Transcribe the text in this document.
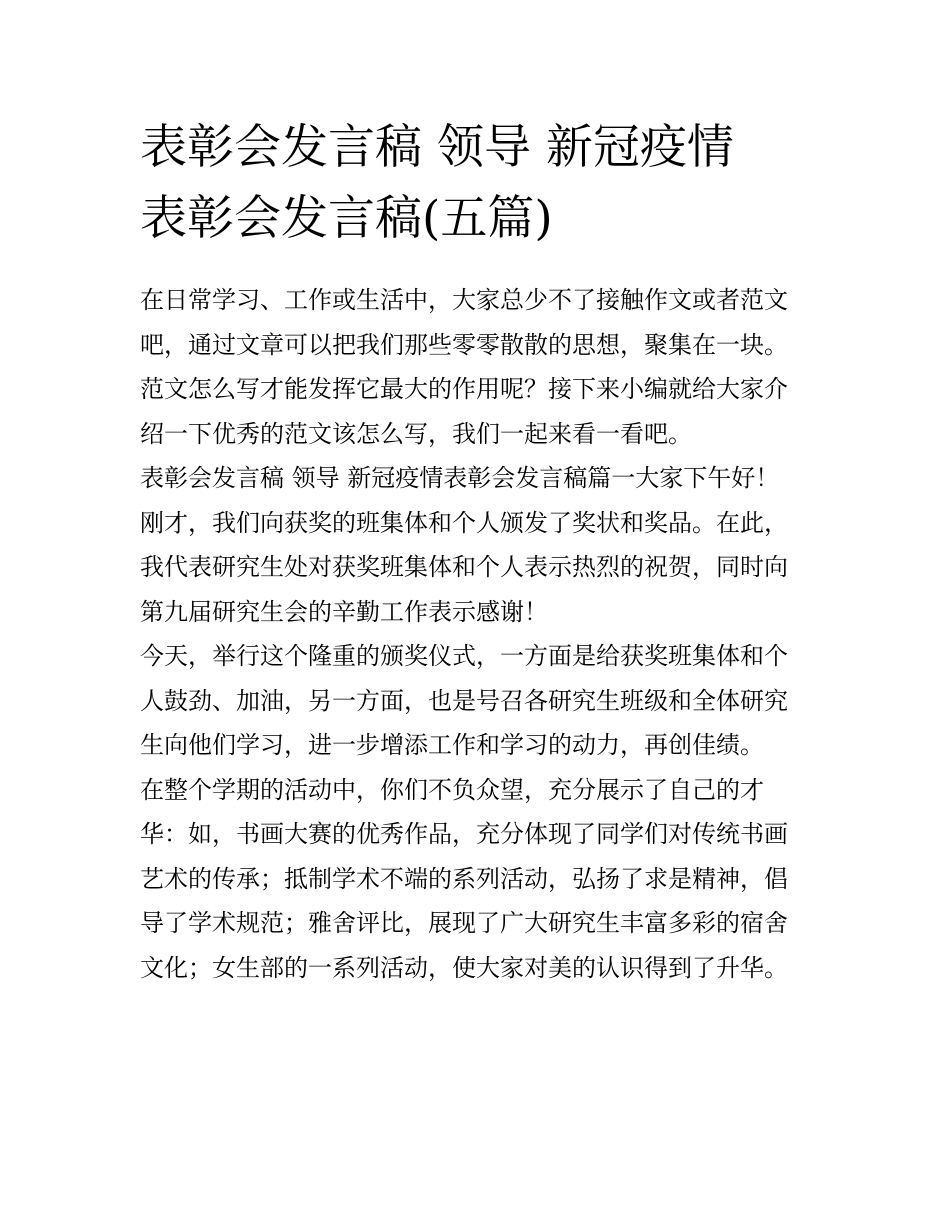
表彰会发言稿 领导 新冠疫情
表彰会发言稿(五篇)
在日常学习、工作或生活中，大家总少不了接触作文或者范文
吧，通过文章可以把我们那些零零散散的思想，聚集在一块。
范文怎么写才能发挥它最大的作用呢？接下来小编就给大家介
绍一下优秀的范文该怎么写，我们一起来看一看吧。
表彰会发言稿 领导 新冠疫情表彰会发言稿篇一大家下午好！
刚才，我们向获奖的班集体和个人颁发了奖状和奖品。在此，
我代表研究生处对获奖班集体和个人表示热烈的祝贺，同时向
第九届研究生会的辛勤工作表示感谢！
今天，举行这个隆重的颁奖仪式，一方面是给获奖班集体和个
人鼓劲、加油，另一方面，也是号召各研究生班级和全体研究
生向他们学习，进一步增添工作和学习的动力，再创佳绩。
在整个学期的活动中，你们不负众望，充分展示了自己的才
华：如，书画大赛的优秀作品，充分体现了同学们对传统书画
艺术的传承；抵制学术不端的系列活动，弘扬了求是精神，倡
导了学术规范；雅舍评比，展现了广大研究生丰富多彩的宿舍
文化；女生部的一系列活动，使大家对美的认识得到了升华。
